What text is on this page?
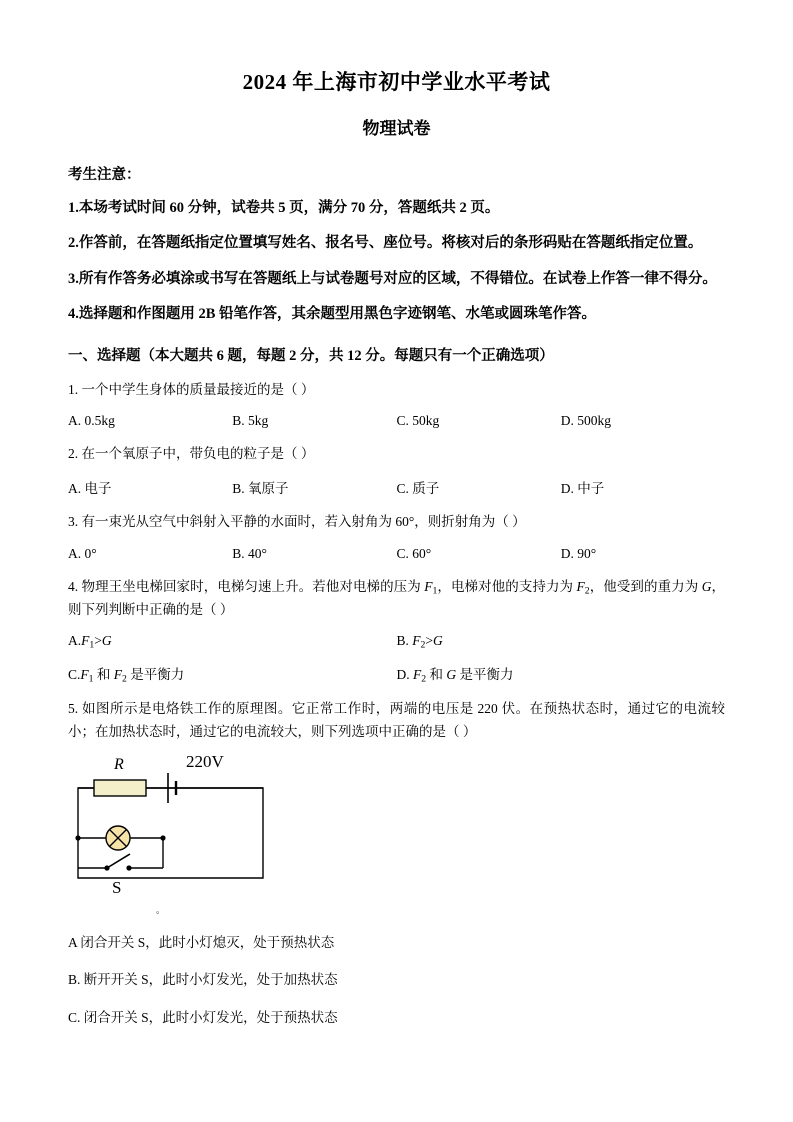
2024 年上海市初中学业水平考试
物理试卷
考生注意：
1.本场考试时间 60 分钟，试卷共 5 页，满分 70 分，答题纸共 2 页。
2.作答前，在答题纸指定位置填写姓名、报名号、座位号。将核对后的条形码贴在答题纸指定位置。
3.所有作答务必填涂或书写在答题纸上与试卷题号对应的区域，不得错位。在试卷上作答一律不得分。
4.选择题和作图题用 2B 铅笔作答，其余题型用黑色字迹钢笔、水笔或圆珠笔作答。
一、选择题（本大题共 6 题，每题 2 分，共 12 分。每题只有一个正确选项）
1. 一个中学生身体的质量最接近的是（ ）
A. 0.5kg	B. 5kg	C. 50kg	D. 500kg
2. 在一个氧原子中，带负电的粒子是（ ）
A. 电子	B. 氧原子	C. 质子	D. 中子
3. 有一束光从空气中斜射入平静的水面时，若入射角为 60°，则折射角为（ ）
A. 0°	B. 40°	C. 60°	D. 90°
4. 物理王坐电梯回家时，电梯匀速上升。若他对电梯的压为 $F_1$，电梯对他的支持力为 $F_2$，他受到的重力为 G，则下列判断中正确的是（ ）
$A.F_1>G$	B. $F_2>G$
$C.F_1$ 和 $F_2$ 是平衡力	D. $F_2$ 和 G 是平衡力
5. 如图所示是电烙铁工作的原理图。它正常工作时，两端的电压是 220 伏。在预热状态时，通过它的电流较小；在加热状态时，通过它的电流较大，则下列选项中正确的是（ ）
R	220V
S
。
A 闭合开关 S，此时小灯熄灭，处于预热状态
B. 断开开关 S，此时小灯发光，处于加热状态
C. 闭合开关 S，此时小灯发光，处于预热状态
